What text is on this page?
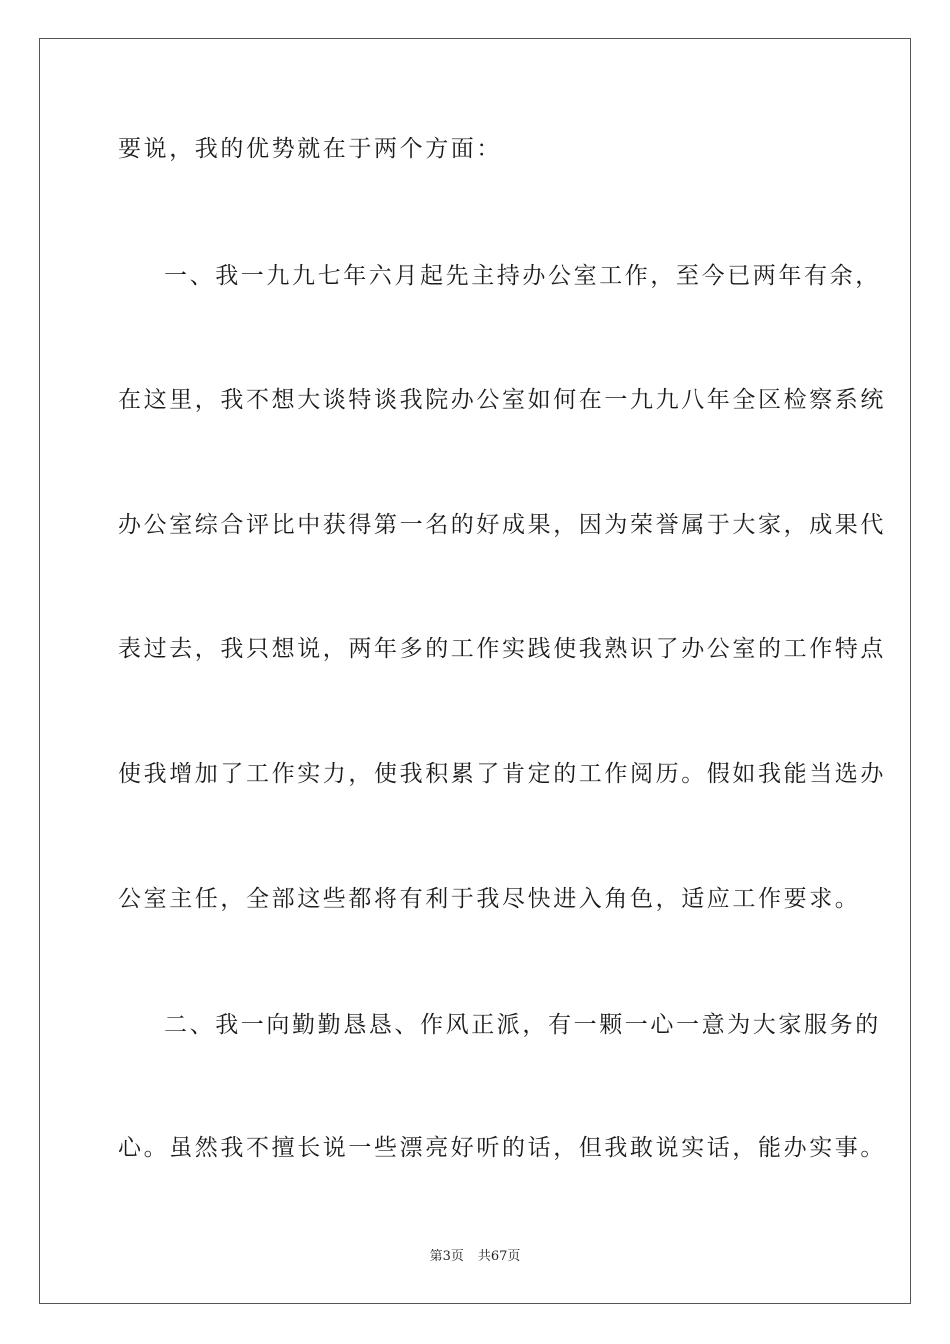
要说，我的优势就在于两个方面：
一、我一九九七年六月起先主持办公室工作，至今已两年有余，
在这里，我不想大谈特谈我院办公室如何在一九九八年全区检察系统
办公室综合评比中获得第一名的好成果，因为荣誉属于大家，成果代
表过去，我只想说，两年多的工作实践使我熟识了办公室的工作特点
使我增加了工作实力，使我积累了肯定的工作阅历。假如我能当选办
公室主任，全部这些都将有利于我尽快进入角色，适应工作要求。
二、我一向勤勤恳恳、作风正派，有一颗一心一意为大家服务的
心。虽然我不擅长说一些漂亮好听的话，但我敢说实话，能办实事。
第3页 共67页
